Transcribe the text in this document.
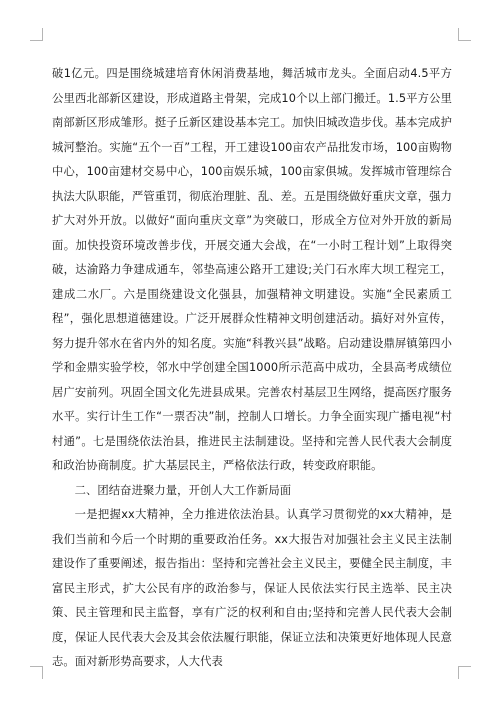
破1亿元。四是围绕城建培育休闲消费基地，舞活城市龙头。全面启动4.5平方公里西北部新区建设，形成道路主骨架，完成10个以上部门搬迁。1.5平方公里南部新区形成雏形。挺子丘新区建设基本完工。加快旧城改造步伐。基本完成护城河整治。实施“五个一百”工程，开工建设100亩农产品批发市场，100亩购物中心，100亩建材交易中心，100亩娱乐城，100亩家俱城。发挥城市管理综合执法大队职能，严管重罚，彻底治理脏、乱、差。五是围绕做好重庆文章，强力扩大对外开放。以做好“面向重庆文章”为突破口，形成全方位对外开放的新局面。加快投资环境改善步伐，开展交通大会战，在“一小时工程计划”上取得突破，达渝路力争建成通车，邻垫高速公路开工建设;关门石水库大坝工程完工，建成二水厂。六是围绕建设文化强县，加强精神文明建设。实施“全民素质工程”，强化思想道德建设。广泛开展群众性精神文明创建活动。搞好对外宣传，努力提升邻水在省内外的知名度。实施“科教兴县”战略。启动建设鼎屏镇第四小学和金鼎实验学校，邻水中学创建全国1000所示范高中成功，全县高考成绩位居广安前列。巩固全国文化先进县成果。完善农村基层卫生网络，提高医疗服务水平。实行计生工作“一票否决”制，控制人口增长。力争全面实现广播电视“村村通”。七是围绕依法治县，推进民主法制建设。坚持和完善人民代表大会制度和政治协商制度。扩大基层民主，严格依法行政，转变政府职能。

二、团结奋进聚力量，开创人大工作新局面

一是把握xx大精神，全力推进依法治县。认真学习贯彻党的xx大精神，是我们当前和今后一个时期的重要政治任务。xx大报告对加强社会主义民主法制建设作了重要阐述，报告指出：坚持和完善社会主义民主，要健全民主制度，丰富民主形式，扩大公民有序的政治参与，保证人民依法实行民主选举、民主决策、民主管理和民主监督，享有广泛的权利和自由;坚持和完善人民代表大会制度，保证人民代表大会及其会依法履行职能，保证立法和决策更好地体现人民意志。面对新形势高要求，人大代表
